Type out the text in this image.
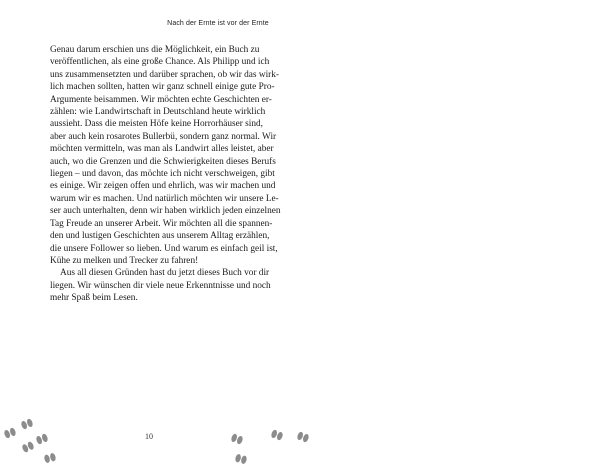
Nach der Ernte ist vor der Ernte
Genau darum erschien uns die Möglichkeit, ein Buch zu
veröffentlichen, als eine große Chance. Als Philipp und ich
uns zusammensetzten und darüber sprachen, ob wir das wirk-
lich machen sollten, hatten wir ganz schnell einige gute Pro-
Argumente beisammen. Wir möchten echte Geschichten er-
zählen: wie Landwirtschaft in Deutschland heute wirklich
aussieht. Dass die meisten Höfe keine Horrorhäuser sind,
aber auch kein rosarotes Bullerbü, sondern ganz normal. Wir
möchten vermitteln, was man als Landwirt alles leistet, aber
auch, wo die Grenzen und die Schwierigkeiten dieses Berufs
liegen – und davon, das möchte ich nicht verschweigen, gibt
es einige. Wir zeigen offen und ehrlich, was wir machen und
warum wir es machen. Und natürlich möchten wir unsere Le-
ser auch unterhalten, denn wir haben wirklich jeden einzelnen
Tag Freude an unserer Arbeit. Wir möchten all die spannen-
den und lustigen Geschichten aus unserem Alltag erzählen,
die unsere Follower so lieben. Und warum es einfach geil ist,
Kühe zu melken und Trecker zu fahren!
Aus all diesen Gründen hast du jetzt dieses Buch vor dir
liegen. Wir wünschen dir viele neue Erkenntnisse und noch
mehr Spaß beim Lesen.
10
